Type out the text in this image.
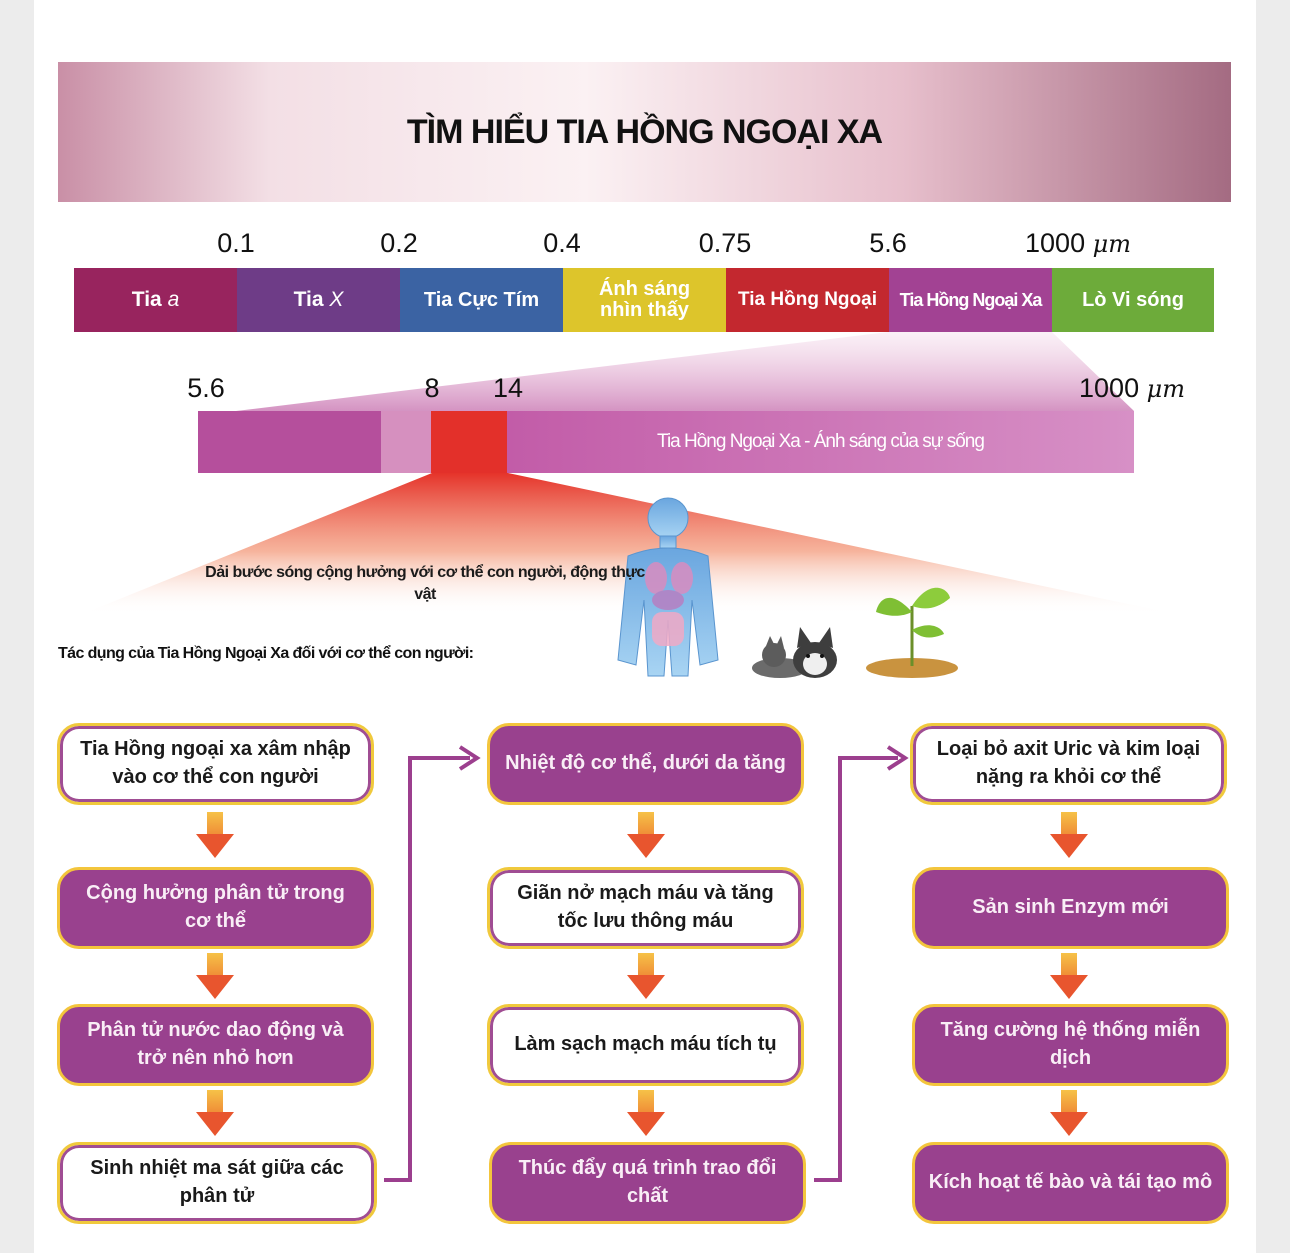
TÌM HIỂU TIA HỒNG NGOẠI XA
0.1	0.2	0.4	0.75	5.6	1000 μm
Tia
a	Tia
X	Tia Cực Tím	Ánh sáng
nhìn thấy	Tia Hồng Ngoại Tia Hồng Ngoại Xa Lò Vi sóng
5.6	8 14	1000 μm
Tia Hồng Ngoại Xa - Ánh sáng của sự sống
Dải bước sóng cộng hưởng với cơ thể con người, động thực vật
Tác dụng của Tia Hồng Ngoại Xa đối với cơ thể con người:
Tia Hồng ngoại xa xâm nhập vào cơ thể con người
Cộng hưởng phân tử trong cơ thể
Phân tử nước dao động và trở nên nhỏ hơn
Sinh nhiệt ma sát giữa các phân tử
Nhiệt độ cơ thể, dưới da tăng
Giãn nở mạch máu và tăng tốc lưu thông máu
Làm sạch mạch máu tích tụ
Thúc đẩy quá trình trao đổi chất
Loại bỏ axit Uric và kim loại nặng ra khỏi cơ thể
Sản sinh Enzym mới
Tăng cường hệ thống miễn dịch
Kích hoạt tế bào và tái tạo mô
